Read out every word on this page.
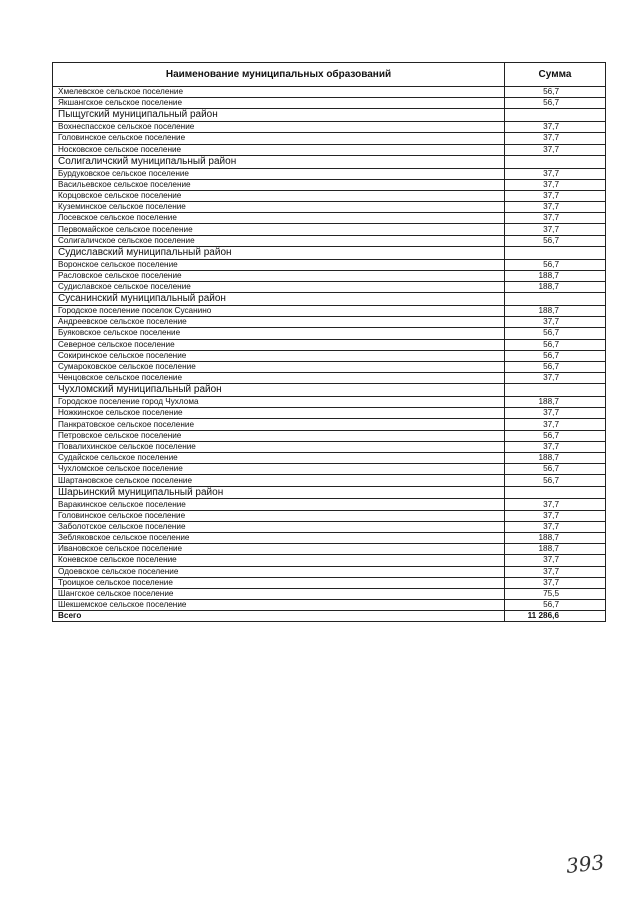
Наименование муниципальных образований	Сумма
Хмелевское сельское поселение	56,7
Якшангское сельское поселение	56,7
Пыщугский муниципальный район	
Вохнеспасское сельское поселение	37,7
Головинское сельское поселение	37,7
Носковское сельское поселение	37,7
Солигаличский муниципальный район	
Бурдуковское сельское поселение	37,7
Васильевское сельское поселение	37,7
Корцовское сельское поселение	37,7
Куземинское сельское поселение	37,7
Лосевское сельское поселение	37,7
Первомайское сельское поселение	37,7
Солигаличское сельское поселение	56,7
Судиславский муниципальный район	
Воронское сельское поселение	56,7
Расловское сельское поселение	188,7
Судиславское сельское поселение	188,7
Сусанинский муниципальный район	
Городское поселение поселок Сусанино	188,7
Андреевское сельское поселение	37,7
Буяковское сельское поселение	56,7
Северное сельское поселение	56,7
Сокиринское сельское поселение	56,7
Сумароковское сельское поселение	56,7
Ченцовское сельское поселение	37,7
Чухломский муниципальный район	
Городское поселение город Чухлома	188,7
Ножкинское сельское поселение	37,7
Панкратовское сельское поселение	37,7
Петровское сельское поселение	56,7
Повалихинское сельское поселение	37,7
Судайское сельское поселение	188,7
Чухломское сельское поселение	56,7
Шартановское сельское поселение	56,7
Шарьинский муниципальный район	
Варакинское сельское поселение	37,7
Головинское сельское поселение	37,7
Заболотское сельское поселение	37,7
Зебляковское сельское поселение	188,7
Ивановское сельское поселение	188,7
Коневское сельское поселение	37,7
Одоевское сельское поселение	37,7
Троицкое сельское поселение	37,7
Шангское сельское поселение	75,5
Шекшемское сельское поселение	56,7
Всего	11 286,6
393
